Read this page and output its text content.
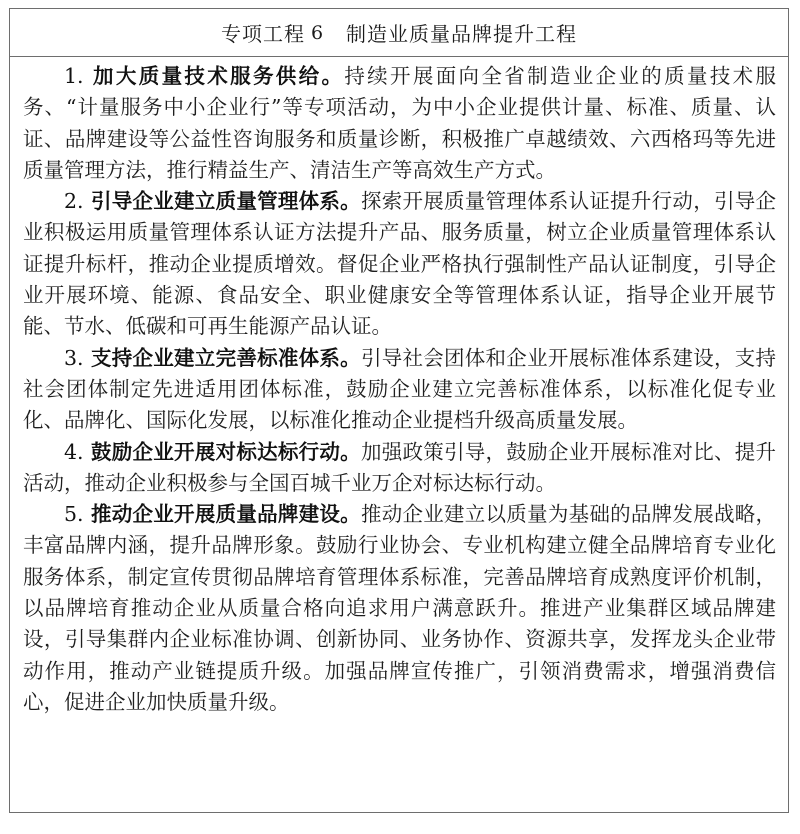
专项工程 6 制造业质量品牌提升工程

1. 加大质量技术服务供给。持续开展面向全省制造业企业的质量技术服务、“计量服务中小企业行”等专项活动，为中小企业提供计量、标准、质量、认证、品牌建设等公益性咨询服务和质量诊断，积极推广卓越绩效、六西格玛等先进质量管理方法，推行精益生产、清洁生产等高效生产方式。

2. 引导企业建立质量管理体系。探索开展质量管理体系认证提升行动，引导企业积极运用质量管理体系认证方法提升产品、服务质量，树立企业质量管理体系认证提升标杆，推动企业提质增效。督促企业严格执行强制性产品认证制度，引导企业开展环境、能源、食品安全、职业健康安全等管理体系认证，指导企业开展节能、节水、低碳和可再生能源产品认证。

3. 支持企业建立完善标准体系。引导社会团体和企业开展标准体系建设，支持社会团体制定先进适用团体标准，鼓励企业建立完善标准体系，以标准化促专业化、品牌化、国际化发展，以标准化推动企业提档升级高质量发展。

4. 鼓励企业开展对标达标行动。加强政策引导，鼓励企业开展标准对比、提升活动，推动企业积极参与全国百城千业万企对标达标行动。

5. 推动企业开展质量品牌建设。推动企业建立以质量为基础的品牌发展战略，丰富品牌内涵，提升品牌形象。鼓励行业协会、专业机构建立健全品牌培育专业化服务体系，制定宣传贯彻品牌培育管理体系标准，完善品牌培育成熟度评价机制，以品牌培育推动企业从质量合格向追求用户满意跃升。推进产业集群区域品牌建设，引导集群内企业标准协调、创新协同、业务协作、资源共享，发挥龙头企业带动作用，推动产业链提质升级。加强品牌宣传推广，引领消费需求，增强消费信心，促进企业加快质量升级。
